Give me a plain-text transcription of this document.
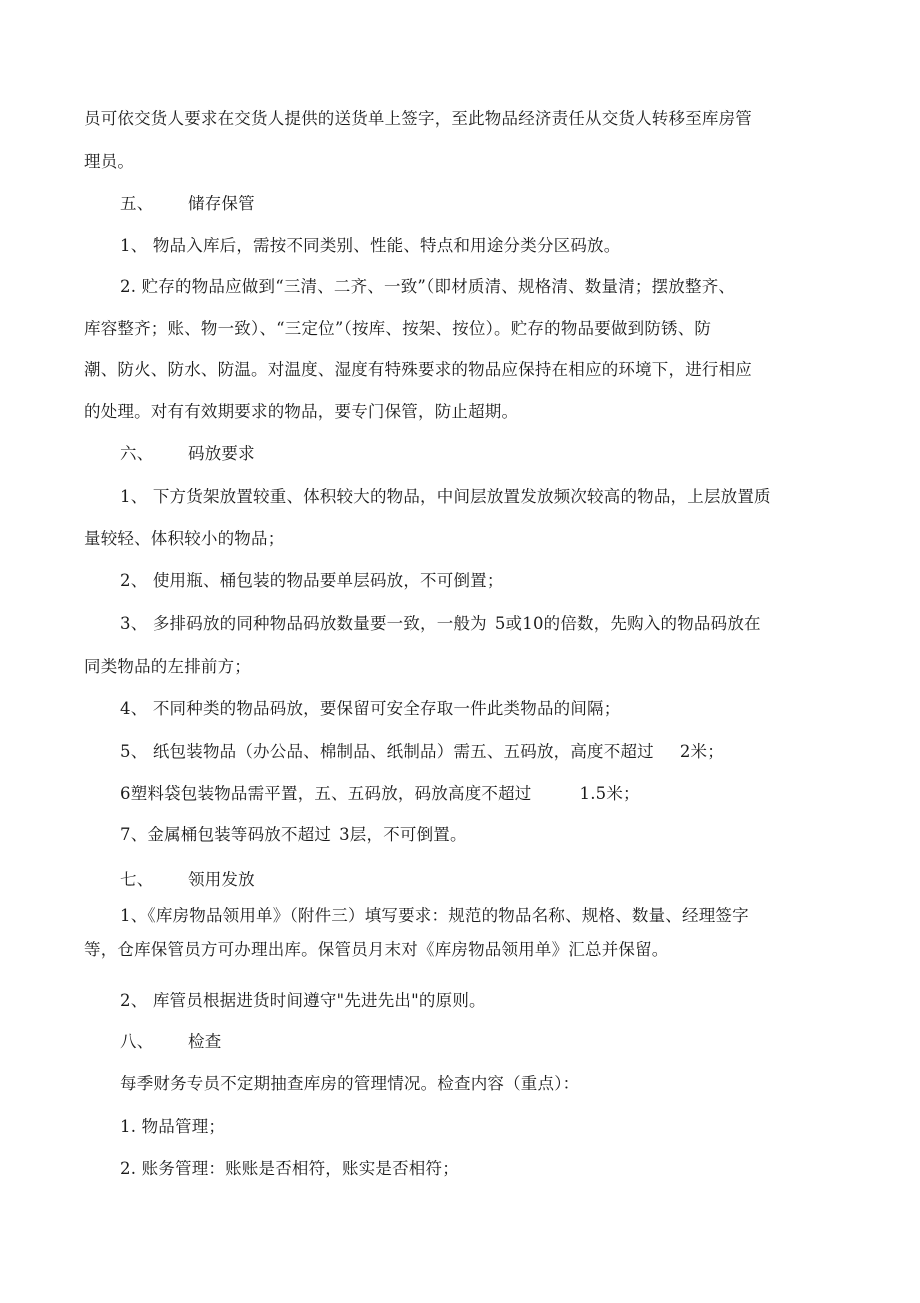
员可依交货人要求在交货人提供的送货单上签字，至此物品经济责任从交货人转移至库房管
理员。
五、 储存保管
1、 物品入库后，需按不同类别、性能、特点和用途分类分区码放。
2. 贮存的物品应做到“三清、二齐、一致”（即材质清、规格清、数量清；摆放整齐、
库容整齐；账、物一致）、“三定位”（按库、按架、按位）。贮存的物品要做到防锈、防
潮、防火、防水、防温。对温度、湿度有特殊要求的物品应保持在相应的环境下，进行相应
的处理。对有有效期要求的物品，要专门保管，防止超期。
六、 码放要求
1、 下方货架放置较重、体积较大的物品，中间层放置发放频次较高的物品，上层放置质
量较轻、体积较小的物品；
2、 使用瓶、桶包装的物品要单层码放，不可倒置；
3、 多排码放的同种物品码放数量要一致，一般为 5或10的倍数，先购入的物品码放在
同类物品的左排前方；
4、 不同种类的物品码放，要保留可安全存取一件此类物品的间隔；
5、 纸包装物品（办公品、棉制品、纸制品）需五、五码放，高度不超过 2米；
6塑料袋包装物品需平置，五、五码放，码放高度不超过	1.5米；
7、金属桶包装等码放不超过 3层，不可倒置。
七、 领用发放
1、《库房物品领用单》（附件三）填写要求：规范的物品名称、规格、数量、经理签字
等，仓库保管员方可办理出库。保管员月末对《库房物品领用单》汇总并保留。
2、 库管员根据进货时间遵守"先进先出"的原则。
八、 检查
每季财务专员不定期抽查库房的管理情况。检查内容（重点）：
1. 物品管理；
2. 账务管理：账账是否相符，账实是否相符；
